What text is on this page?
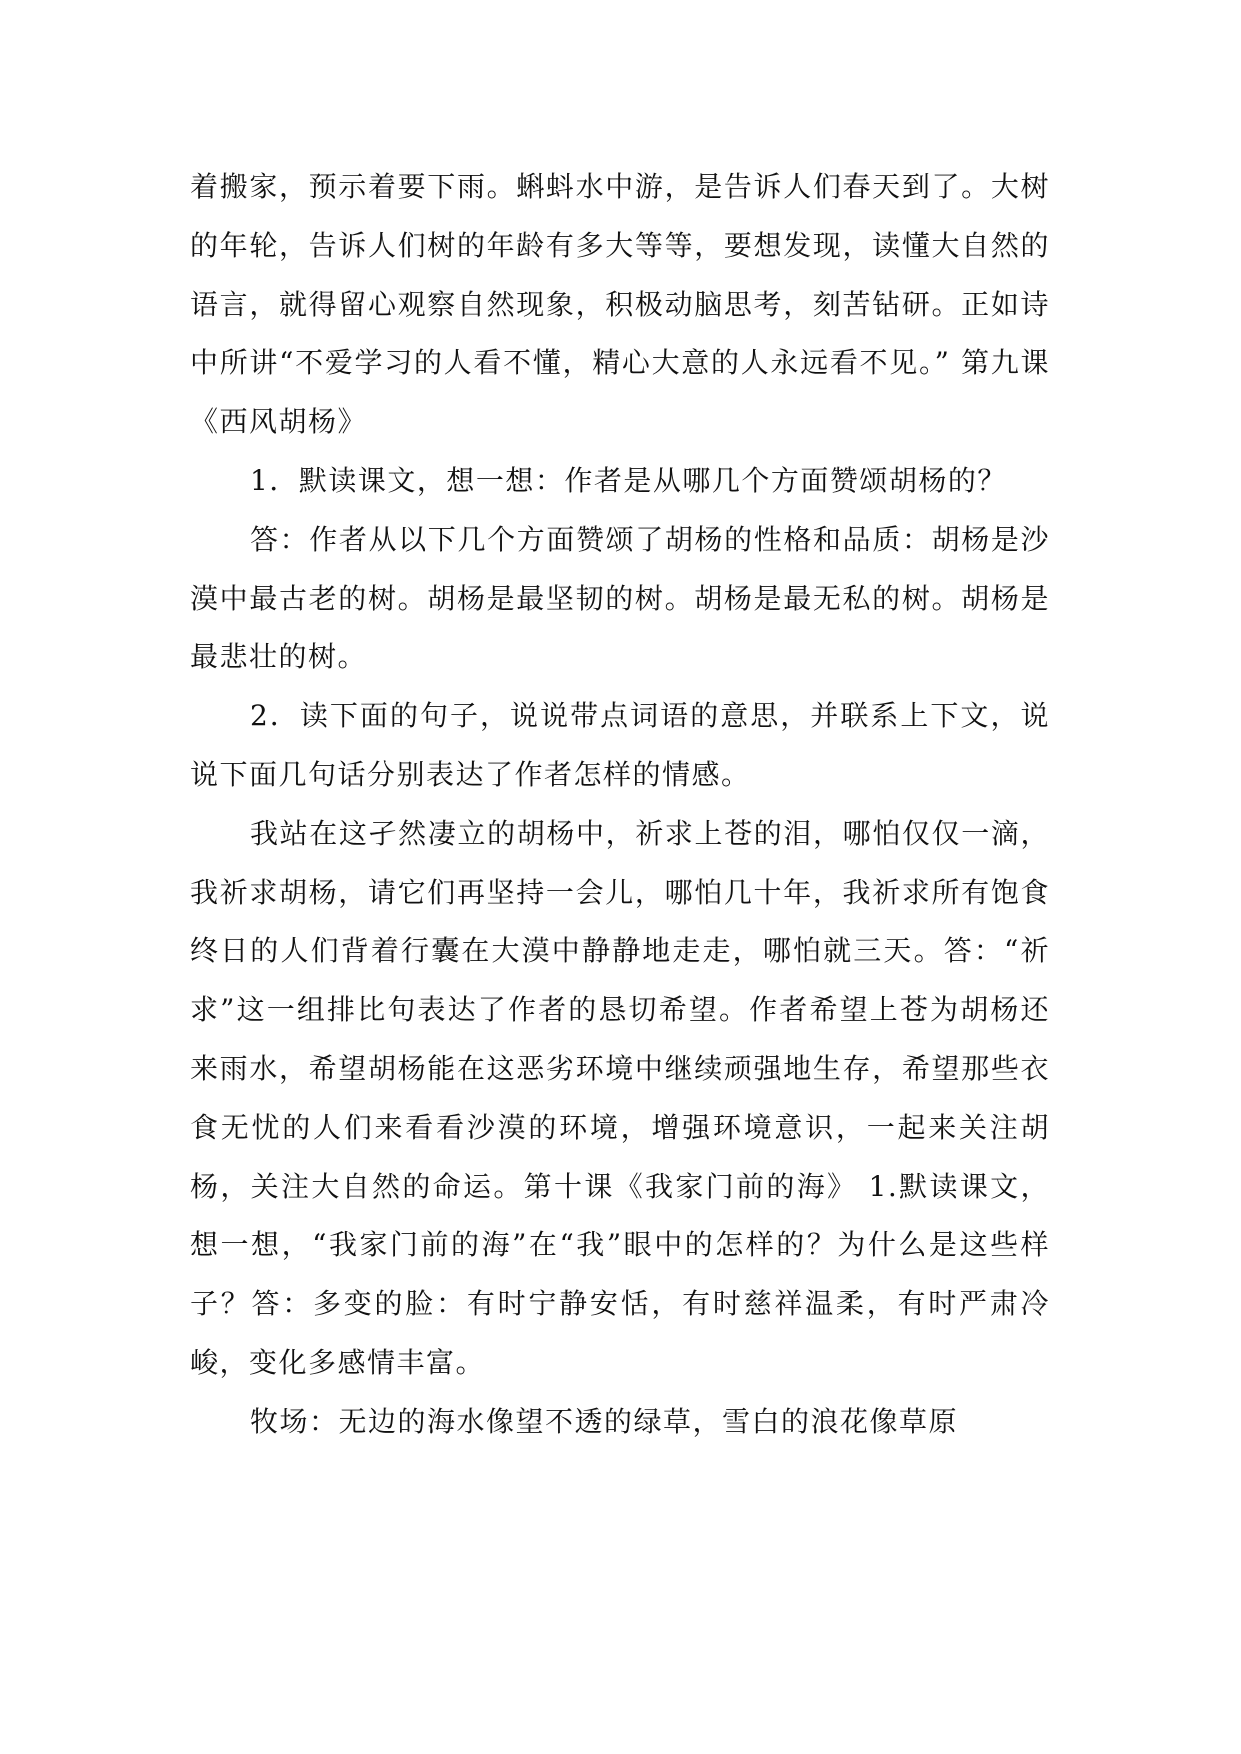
着搬家，预示着要下雨。蝌蚪水中游，是告诉人们春天到了。大树的年轮，告诉人们树的年龄有多大等等，要想发现，读懂大自然的语言，就得留心观察自然现象，积极动脑思考，刻苦钻研。正如诗中所讲“不爱学习的人看不懂，精心大意的人永远看不见。” 第九课《西风胡杨》

1．默读课文，想一想：作者是从哪几个方面赞颂胡杨的？

答：作者从以下几个方面赞颂了胡杨的性格和品质：胡杨是沙漠中最古老的树。胡杨是最坚韧的树。胡杨是最无私的树。胡杨是最悲壮的树。

2．读下面的句子，说说带点词语的意思，并联系上下文，说说下面几句话分别表达了作者怎样的情感。

我站在这孑然凄立的胡杨中，祈求上苍的泪，哪怕仅仅一滴，我祈求胡杨，请它们再坚持一会儿，哪怕几十年，我祈求所有饱食终日的人们背着行囊在大漠中静静地走走，哪怕就三天。答：“祈求”这一组排比句表达了作者的恳切希望。作者希望上苍为胡杨还来雨水，希望胡杨能在这恶劣环境中继续顽强地生存，希望那些衣食无忧的人们来看看沙漠的环境，增强环境意识，一起来关注胡杨，关注大自然的命运。第十课《我家门前的海》 1.默读课文，想一想，“我家门前的海”在“我”眼中的怎样的？为什么是这些样子？答：多变的脸：有时宁静安恬，有时慈祥温柔，有时严肃冷峻，变化多感情丰富。

牧场：无边的海水像望不透的绿草，雪白的浪花像草原
